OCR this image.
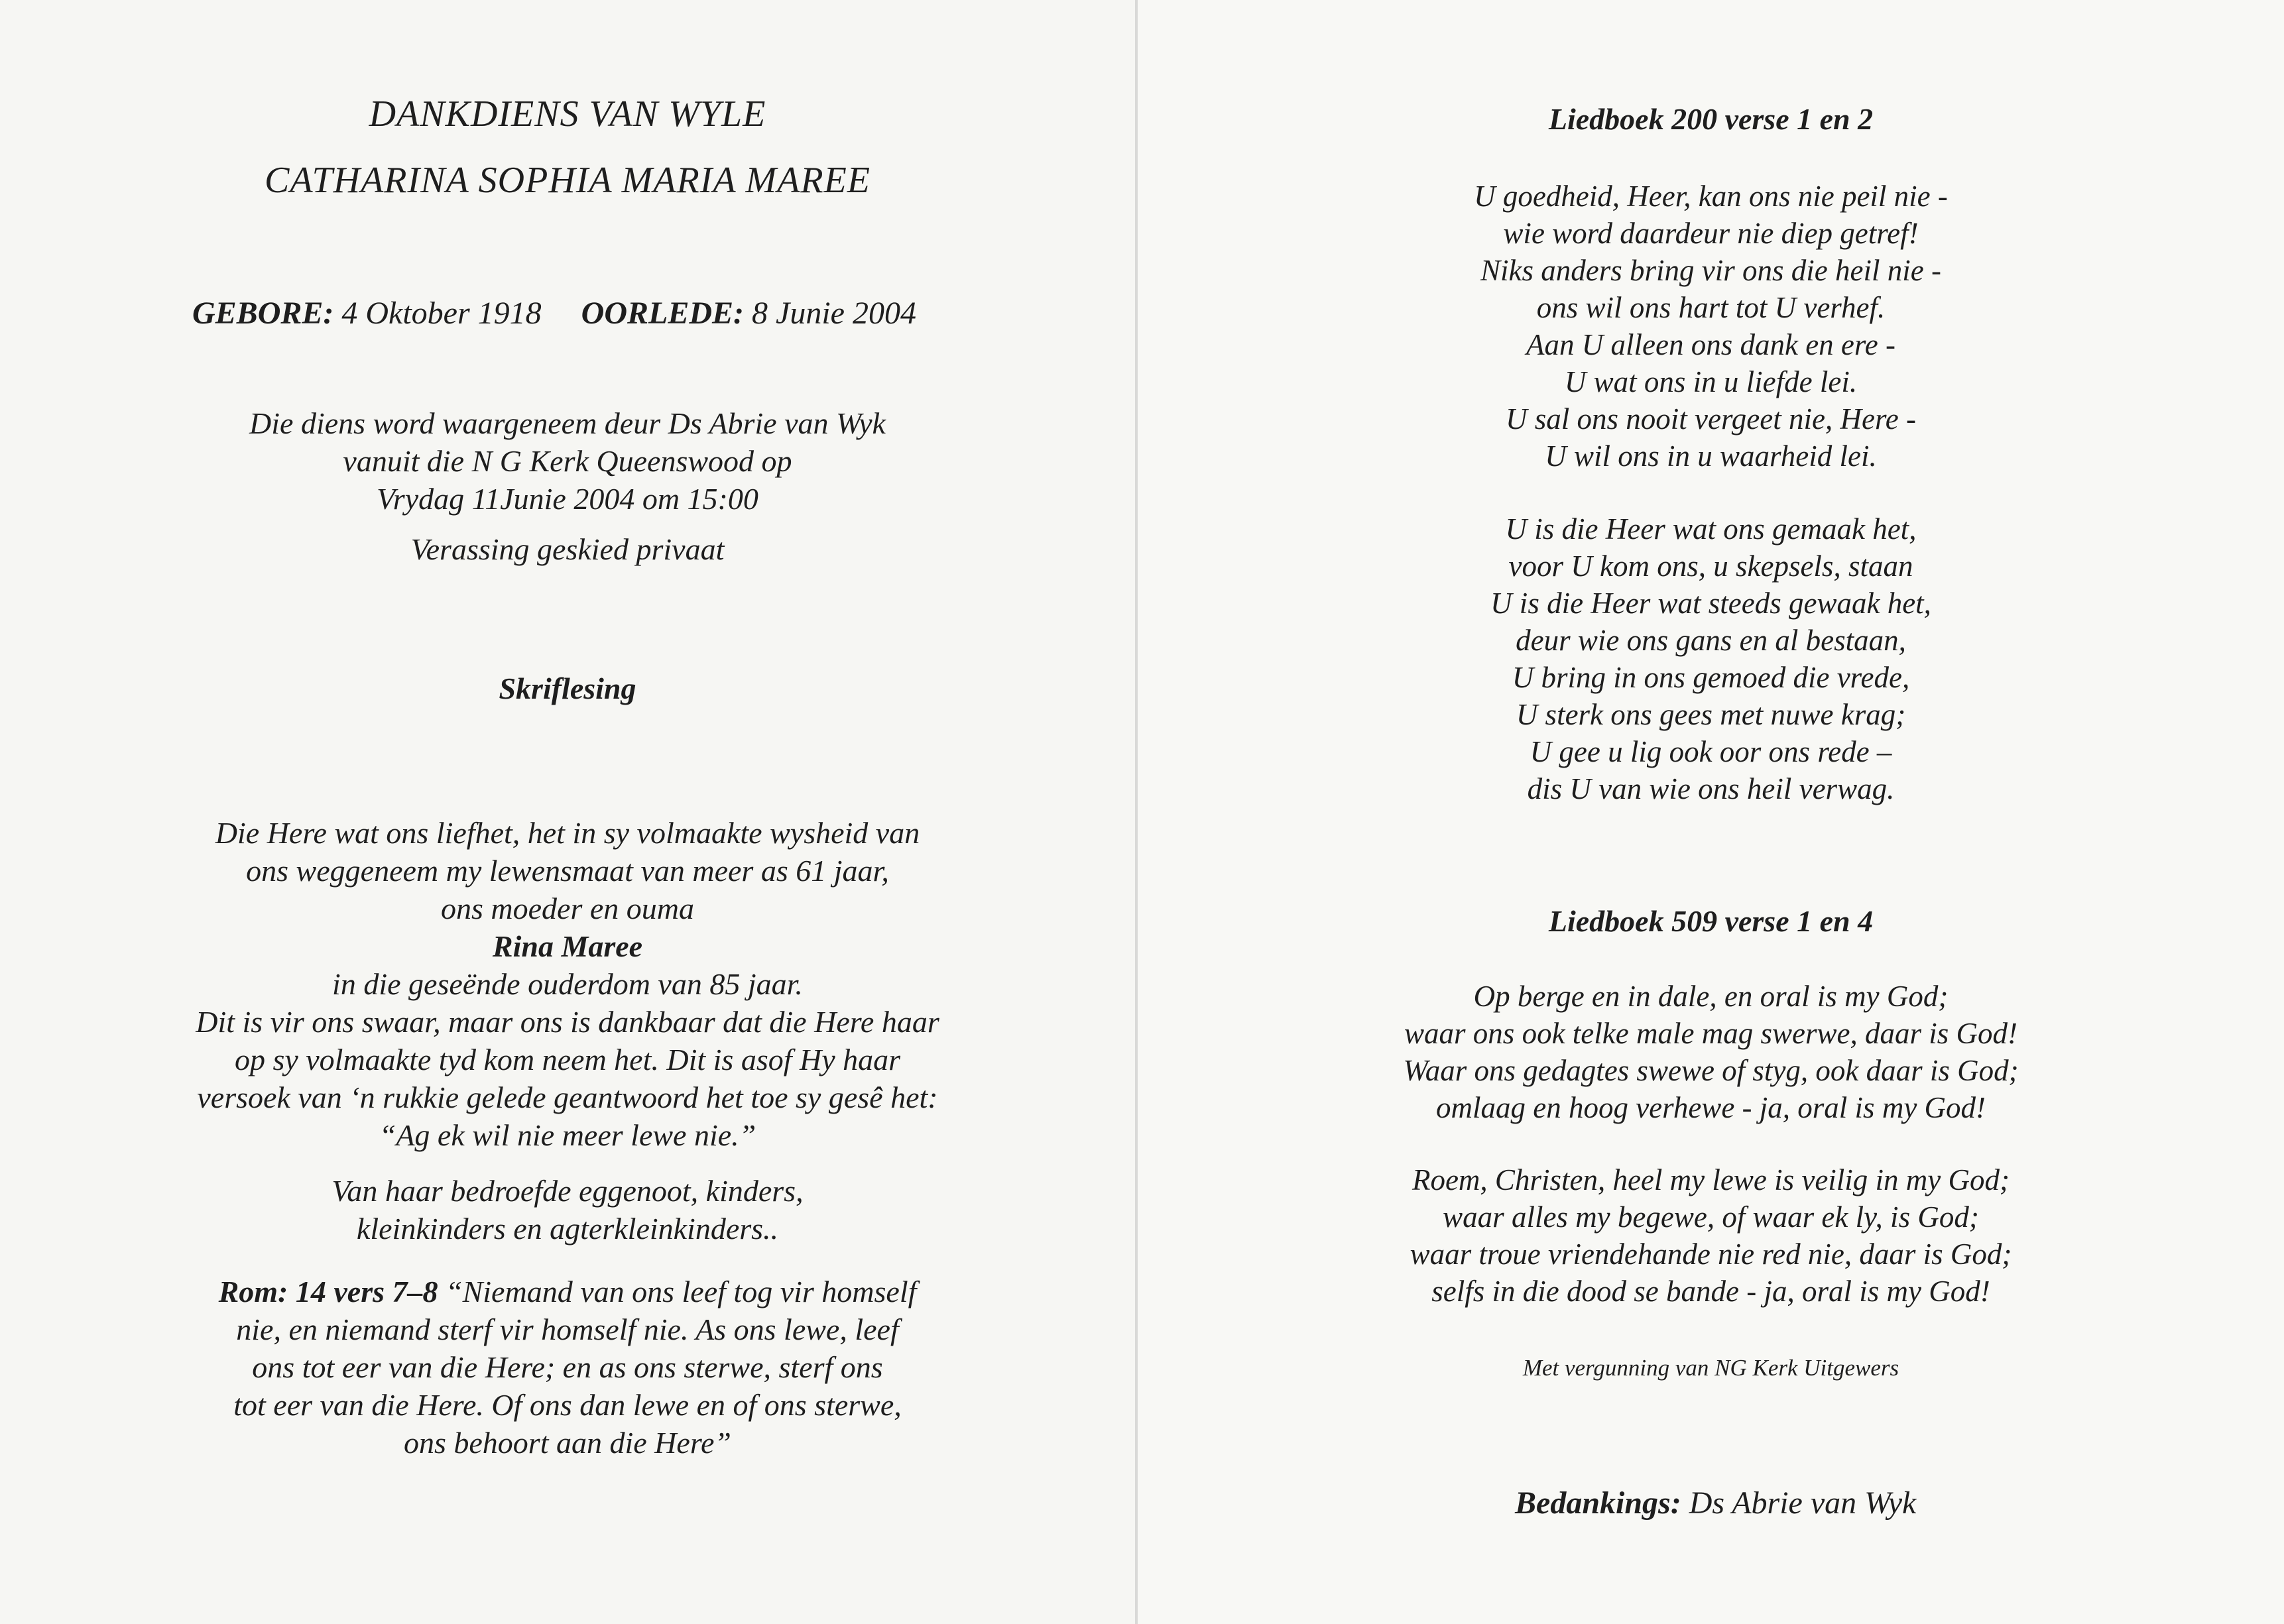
DANKDIENS VAN WYLE
CATHARINA SOPHIA MARIA MAREE
GEBORE: 4 Oktober 1918 OORLEDE: 8 Junie 2004
Die diens word waargeneem deur Ds Abrie van Wyk
vanuit die N G Kerk Queenswood op
Vrydag 11Junie 2004 om 15:00
Verassing geskied privaat
Skriflesing
Die Here wat ons liefhet, het in sy volmaakte wysheid van
ons weggeneem my lewensmaat van meer as 61 jaar,
ons moeder en ouma
Rina Maree
in die geseënde ouderdom van 85 jaar.
Dit is vir ons swaar, maar ons is dankbaar dat die Here haar
op sy volmaakte tyd kom neem het. Dit is asof Hy haar
versoek van ‘n rukkie gelede geantwoord het toe sy gesê het:
“Ag ek wil nie meer lewe nie.”
Van haar bedroefde eggenoot, kinders,
kleinkinders en agterkleinkinders..
Rom: 14 vers 7–8 “Niemand van ons leef tog vir homself
nie, en niemand sterf vir homself nie. As ons lewe, leef
ons tot eer van die Here; en as ons sterwe, sterf ons
tot eer van die Here. Of ons dan lewe en of ons sterwe,
ons behoort aan die Here”
Liedboek 200 verse 1 en 2
U goedheid, Heer, kan ons nie peil nie -
wie word daardeur nie diep getref!
Niks anders bring vir ons die heil nie -
ons wil ons hart tot U verhef.
Aan U alleen ons dank en ere -
U wat ons in u liefde lei.
U sal ons nooit vergeet nie, Here -
U wil ons in u waarheid lei.
U is die Heer wat ons gemaak het,
voor U kom ons, u skepsels, staan
U is die Heer wat steeds gewaak het,
deur wie ons gans en al bestaan,
U bring in ons gemoed die vrede,
U sterk ons gees met nuwe krag;
U gee u lig ook oor ons rede –
dis U van wie ons heil verwag.
Liedboek 509 verse 1 en 4
Op berge en in dale, en oral is my God;
waar ons ook telke male mag swerwe, daar is God!
Waar ons gedagtes swewe of styg, ook daar is God;
omlaag en hoog verhewe - ja, oral is my God!
Roem, Christen, heel my lewe is veilig in my God;
waar alles my begewe, of waar ek ly, is God;
waar troue vriendehande nie red nie, daar is God;
selfs in die dood se bande - ja, oral is my God!
Met vergunning van NG Kerk Uitgewers
Bedankings: Ds Abrie van Wyk
